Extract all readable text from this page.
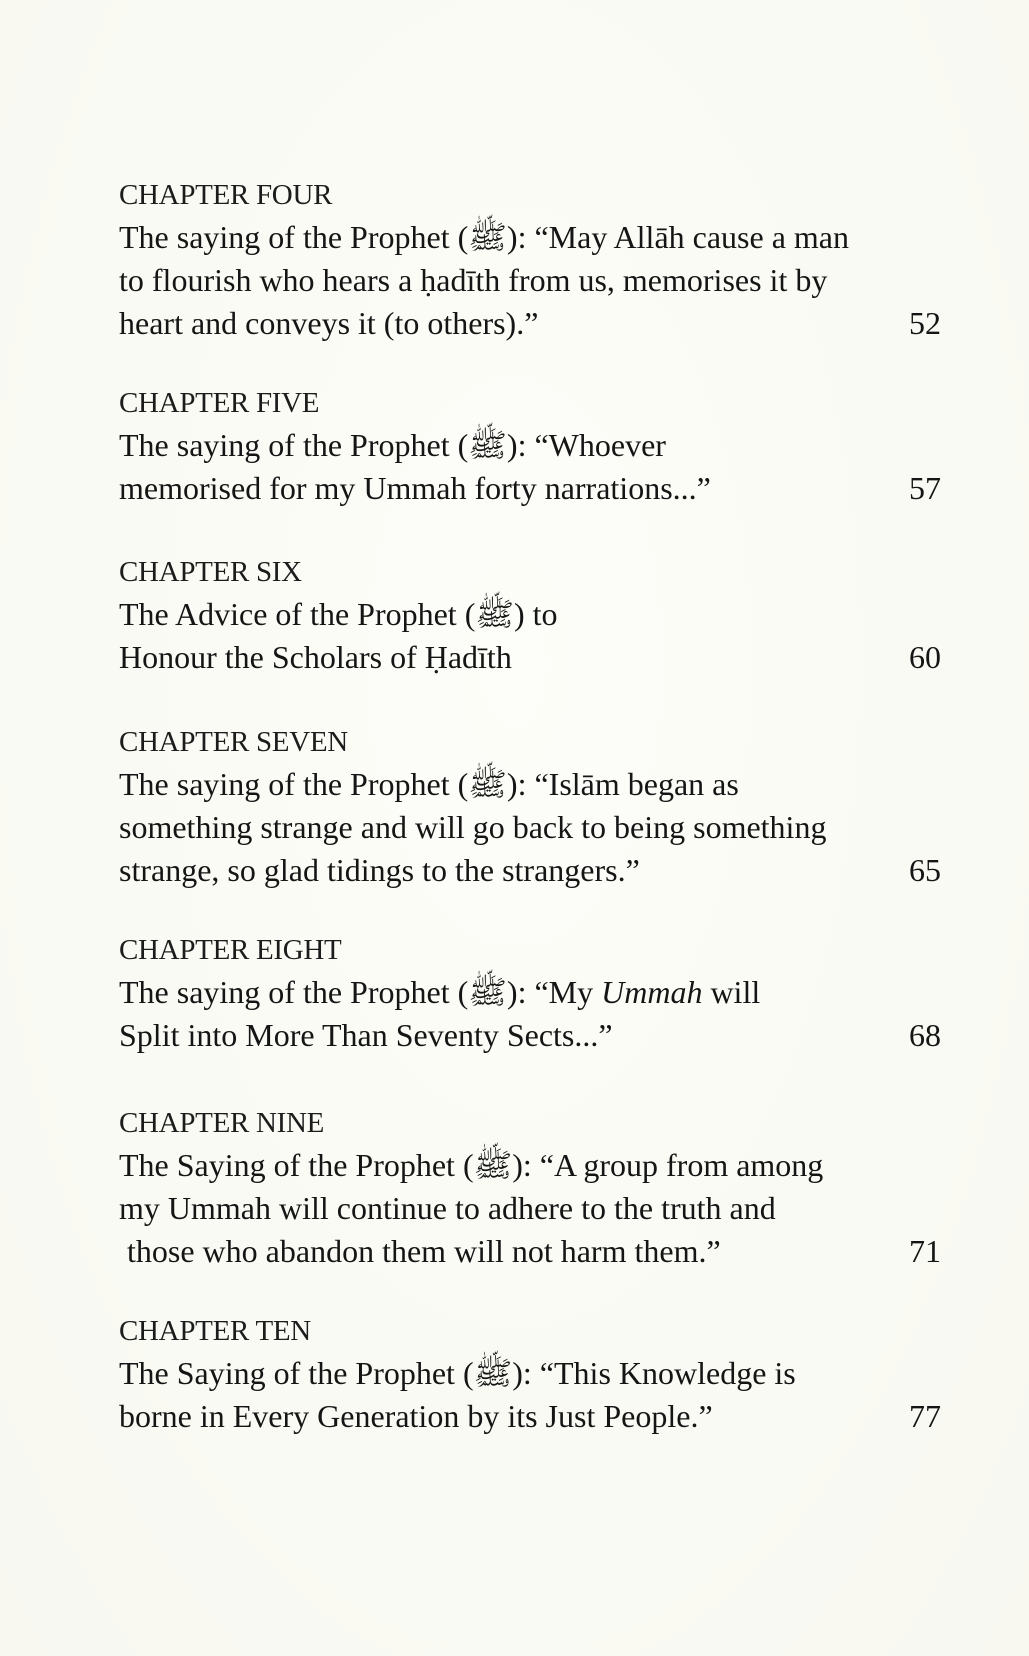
CHAPTER FOUR
The saying of the Prophet (ﷺ): “May Allāh cause a man
to flourish who hears a ḥadīth from us, memorises it by
heart and conveys it (to others).”	52
CHAPTER FIVE
The saying of the Prophet (ﷺ): “Whoever
memorised for my Ummah forty narrations...”	57
CHAPTER SIX
The Advice of the Prophet (ﷺ) to
Honour the Scholars of Ḥadīth	60
CHAPTER SEVEN
The saying of the Prophet (ﷺ): “Islām began as
something strange and will go back to being something
strange, so glad tidings to the strangers.”	65
CHAPTER EIGHT
The saying of the Prophet (ﷺ): “My Ummah will
Split into More Than Seventy Sects...”	68
CHAPTER NINE
The Saying of the Prophet (ﷺ): “A group from among
my Ummah will continue to adhere to the truth and
those who abandon them will not harm them.”	71
CHAPTER TEN
The Saying of the Prophet (ﷺ): “This Knowledge is
borne in Every Generation by its Just People.”	77
